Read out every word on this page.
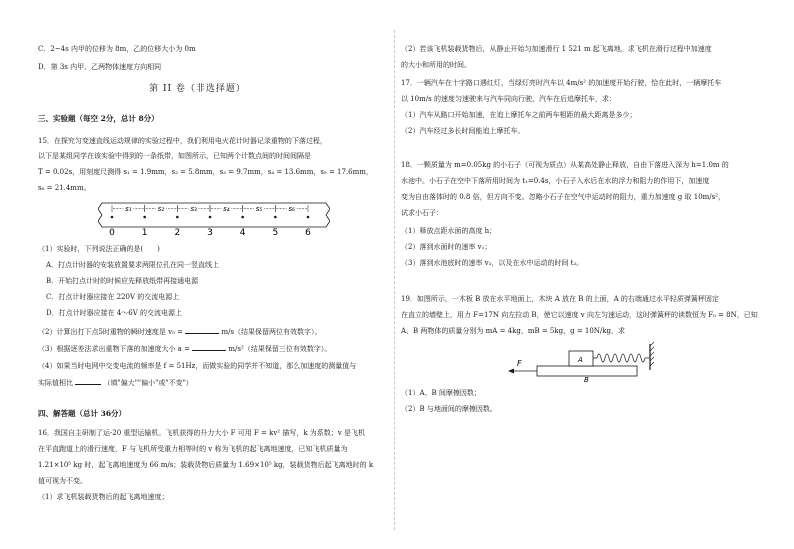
C．2~4s 内甲的位移为 8m，乙的位移大小为 0m
D．第 3s 内甲、乙两物体速度方向相同
第 II 卷（非选择题）
三、实验题（每空 2分，总计 8分）
15．在探究匀变速直线运动规律的实验过程中，我们利用电火花计时器记录重物的下落过程，
以下是某组同学在该实验中得到的一条纸带，如图所示，已知两个计数点间的时间间隔是
T = 0.02s，用刻度尺测得 s₁ = 1.9mm，s₂ = 5.8mm，s₃ = 9.7mm，s₄ = 13.6mm，s₅ = 17.6mm，
s₆ = 21.4mm。
s₁	s₂	s₃	s₄	s₅	s₆
0	1	2	3	4	5	6
（1）实验时，下列说法正确的是(　　)
A．打点计时器的安装放置要求两限位孔在同一竖直线上
B．开始打点计时的时候应先释放纸带再接通电源
C．打点计时器应接在 220V 的交流电源上
D．打点计时器应接在 4～6V 的交流电源上
（2）计算出打下点5时重物的瞬时速度是 v₅ =	m/s（结果保留两位有效数字）。
（3）根据逐差法求出重物下落的加速度大小 a =	m/s²（结果保留三位有效数字）。
（4）如果当时电网中交变电流的频率是 f = 51Hz，而做实验的同学并不知道，那么加速度的测量值与
实际值相比	（填"偏大""偏小"或"不变"）
四、解答题（总计 36分）
16．我国自主研制了运-20 重型运输机。飞机获得的升力大小 F 可用 F = kv² 描写，k 为系数；v 是飞机
在平直跑道上的滑行速度，F 与飞机所受重力相等时的 v 称为飞机的起飞离地速度，已知飞机质量为
1.21×10⁵ kg 时，起飞离地速度为 66 m/s；装载货物后质量为 1.69×10⁵ kg，装载货物后起飞离地时的 k
值可视为不变。
（1）求飞机装载货物后的起飞离地速度；
（2）若该飞机装载货物后，从静止开始匀加速滑行 1 521 m 起飞离地，求飞机在滑行过程中加速度
的大小和所用的时间。
17．一辆汽车在十字路口遇红灯，当绿灯亮时汽车以 4m/s² 的加速度开始行驶，恰在此时，一辆摩托车
以 10m/s 的速度匀速驶来与汽车同向行驶，汽车在后追摩托车，求：
（1）汽车从路口开始加速，在追上摩托车之前两车相距的最大距离是多少；
（2）汽车经过多长时间能追上摩托车。
18．一颗质量为 m=0.05kg 的小石子（可视为质点）从某高处静止释放，自由下落进入深为 h=1.0m 的
水池中。小石子在空中下落所用时间为 t₁=0.4s，小石子入水后在水的浮力和阻力的作用下，加速度
变为自由落体时的 0.8 倍，但方向不变。忽略小石子在空气中运动时的阻力，重力加速度 g 取 10m/s²，
试求小石子：
（1）释放点距水面的高度 h；
（2）落到水面时的速率 v₁；
（3）落到水池底时的速率 v₂，以及在水中运动的时间 t₂。
19．如图所示，一木板 B 放在水平地面上，木块 A 放在 B 的上面，A 的右端通过水平轻质弹簧秤固定
在直立的墙壁上，用力 F=17N 向左拉动 B，使它以速度 v 向左匀速运动，这时弹簧秤的读数恒为 F₀ = 8N，已知
A、B 两物体的质量分别为 mA = 4kg，mB = 5kg，g = 10N/kg，求
F	A
B
（1）A、B 间摩擦因数；
（2）B 与地面间的摩擦因数。
